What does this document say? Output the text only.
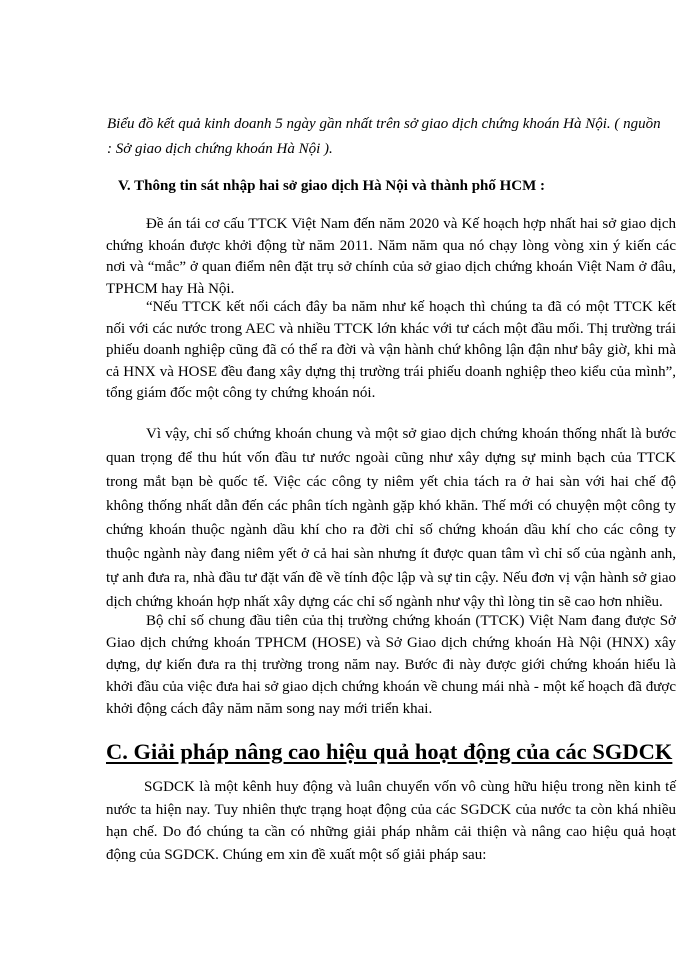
Biểu đồ kết quả kinh doanh 5 ngày gần nhất trên sở giao dịch chứng khoán Hà Nội. ( nguồn : Sở giao dịch chứng khoán Hà Nội ).

V. Thông tin sát nhập hai sở giao dịch Hà Nội và thành phố HCM :

Đề án tái cơ cấu TTCK Việt Nam đến năm 2020 và Kế hoạch hợp nhất hai sở giao dịch chứng khoán được khởi động từ năm 2011. Năm năm qua nó chạy lòng vòng xin ý kiến các nơi và “mắc” ở quan điểm nên đặt trụ sở chính của sở giao dịch chứng khoán Việt Nam ở đâu, TPHCM hay Hà Nội.

“Nếu TTCK kết nối cách đây ba năm như kế hoạch thì chúng ta đã có một TTCK kết nối với các nước trong AEC và nhiều TTCK lớn khác với tư cách một đầu mối. Thị trường trái phiếu doanh nghiệp cũng đã có thể ra đời và vận hành chứ không lận đận như bây giờ, khi mà cả HNX và HOSE đều đang xây dựng thị trường trái phiếu doanh nghiệp theo kiểu của mình”, tổng giám đốc một công ty chứng khoán nói.

Vì vậy, chỉ số chứng khoán chung và một sở giao dịch chứng khoán thống nhất là bước quan trọng để thu hút vốn đầu tư nước ngoài cũng như xây dựng sự minh bạch của TTCK trong mắt bạn bè quốc tế. Việc các công ty niêm yết chia tách ra ở hai sàn với hai chế độ không thống nhất dẫn đến các phân tích ngành gặp khó khăn. Thế mới có chuyện một công ty chứng khoán thuộc ngành dầu khí cho ra đời chỉ số chứng khoán dầu khí cho các công ty thuộc ngành này đang niêm yết ở cả hai sàn nhưng ít được quan tâm vì chỉ số của ngành anh, tự anh đưa ra, nhà đầu tư đặt vấn đề về tính độc lập và sự tin cậy. Nếu đơn vị vận hành sở giao dịch chứng khoán hợp nhất xây dựng các chỉ số ngành như vậy thì lòng tin sẽ cao hơn nhiều.

Bộ chỉ số chung đầu tiên của thị trường chứng khoán (TTCK) Việt Nam đang được Sở Giao dịch chứng khoán TPHCM (HOSE) và Sở Giao dịch chứng khoán Hà Nội (HNX) xây dựng, dự kiến đưa ra thị trường trong năm nay. Bước đi này được giới chứng khoán hiểu là khởi đầu của việc đưa hai sở giao dịch chứng khoán về chung mái nhà - một kế hoạch đã được khởi động cách đây năm năm song nay mới triển khai.

C. Giải pháp nâng cao hiệu quả hoạt động của các SGDCK

SGDCK là một kênh huy động và luân chuyển vốn vô cùng hữu hiệu trong nền kinh tế nước ta hiện nay. Tuy nhiên thực trạng hoạt động của các SGDCK của nước ta còn khá nhiều hạn chế. Do đó chúng ta cần có những giải pháp nhằm cải thiện và nâng cao hiệu quả hoạt động của SGDCK. Chúng em xin đề xuất một số giải pháp sau:
